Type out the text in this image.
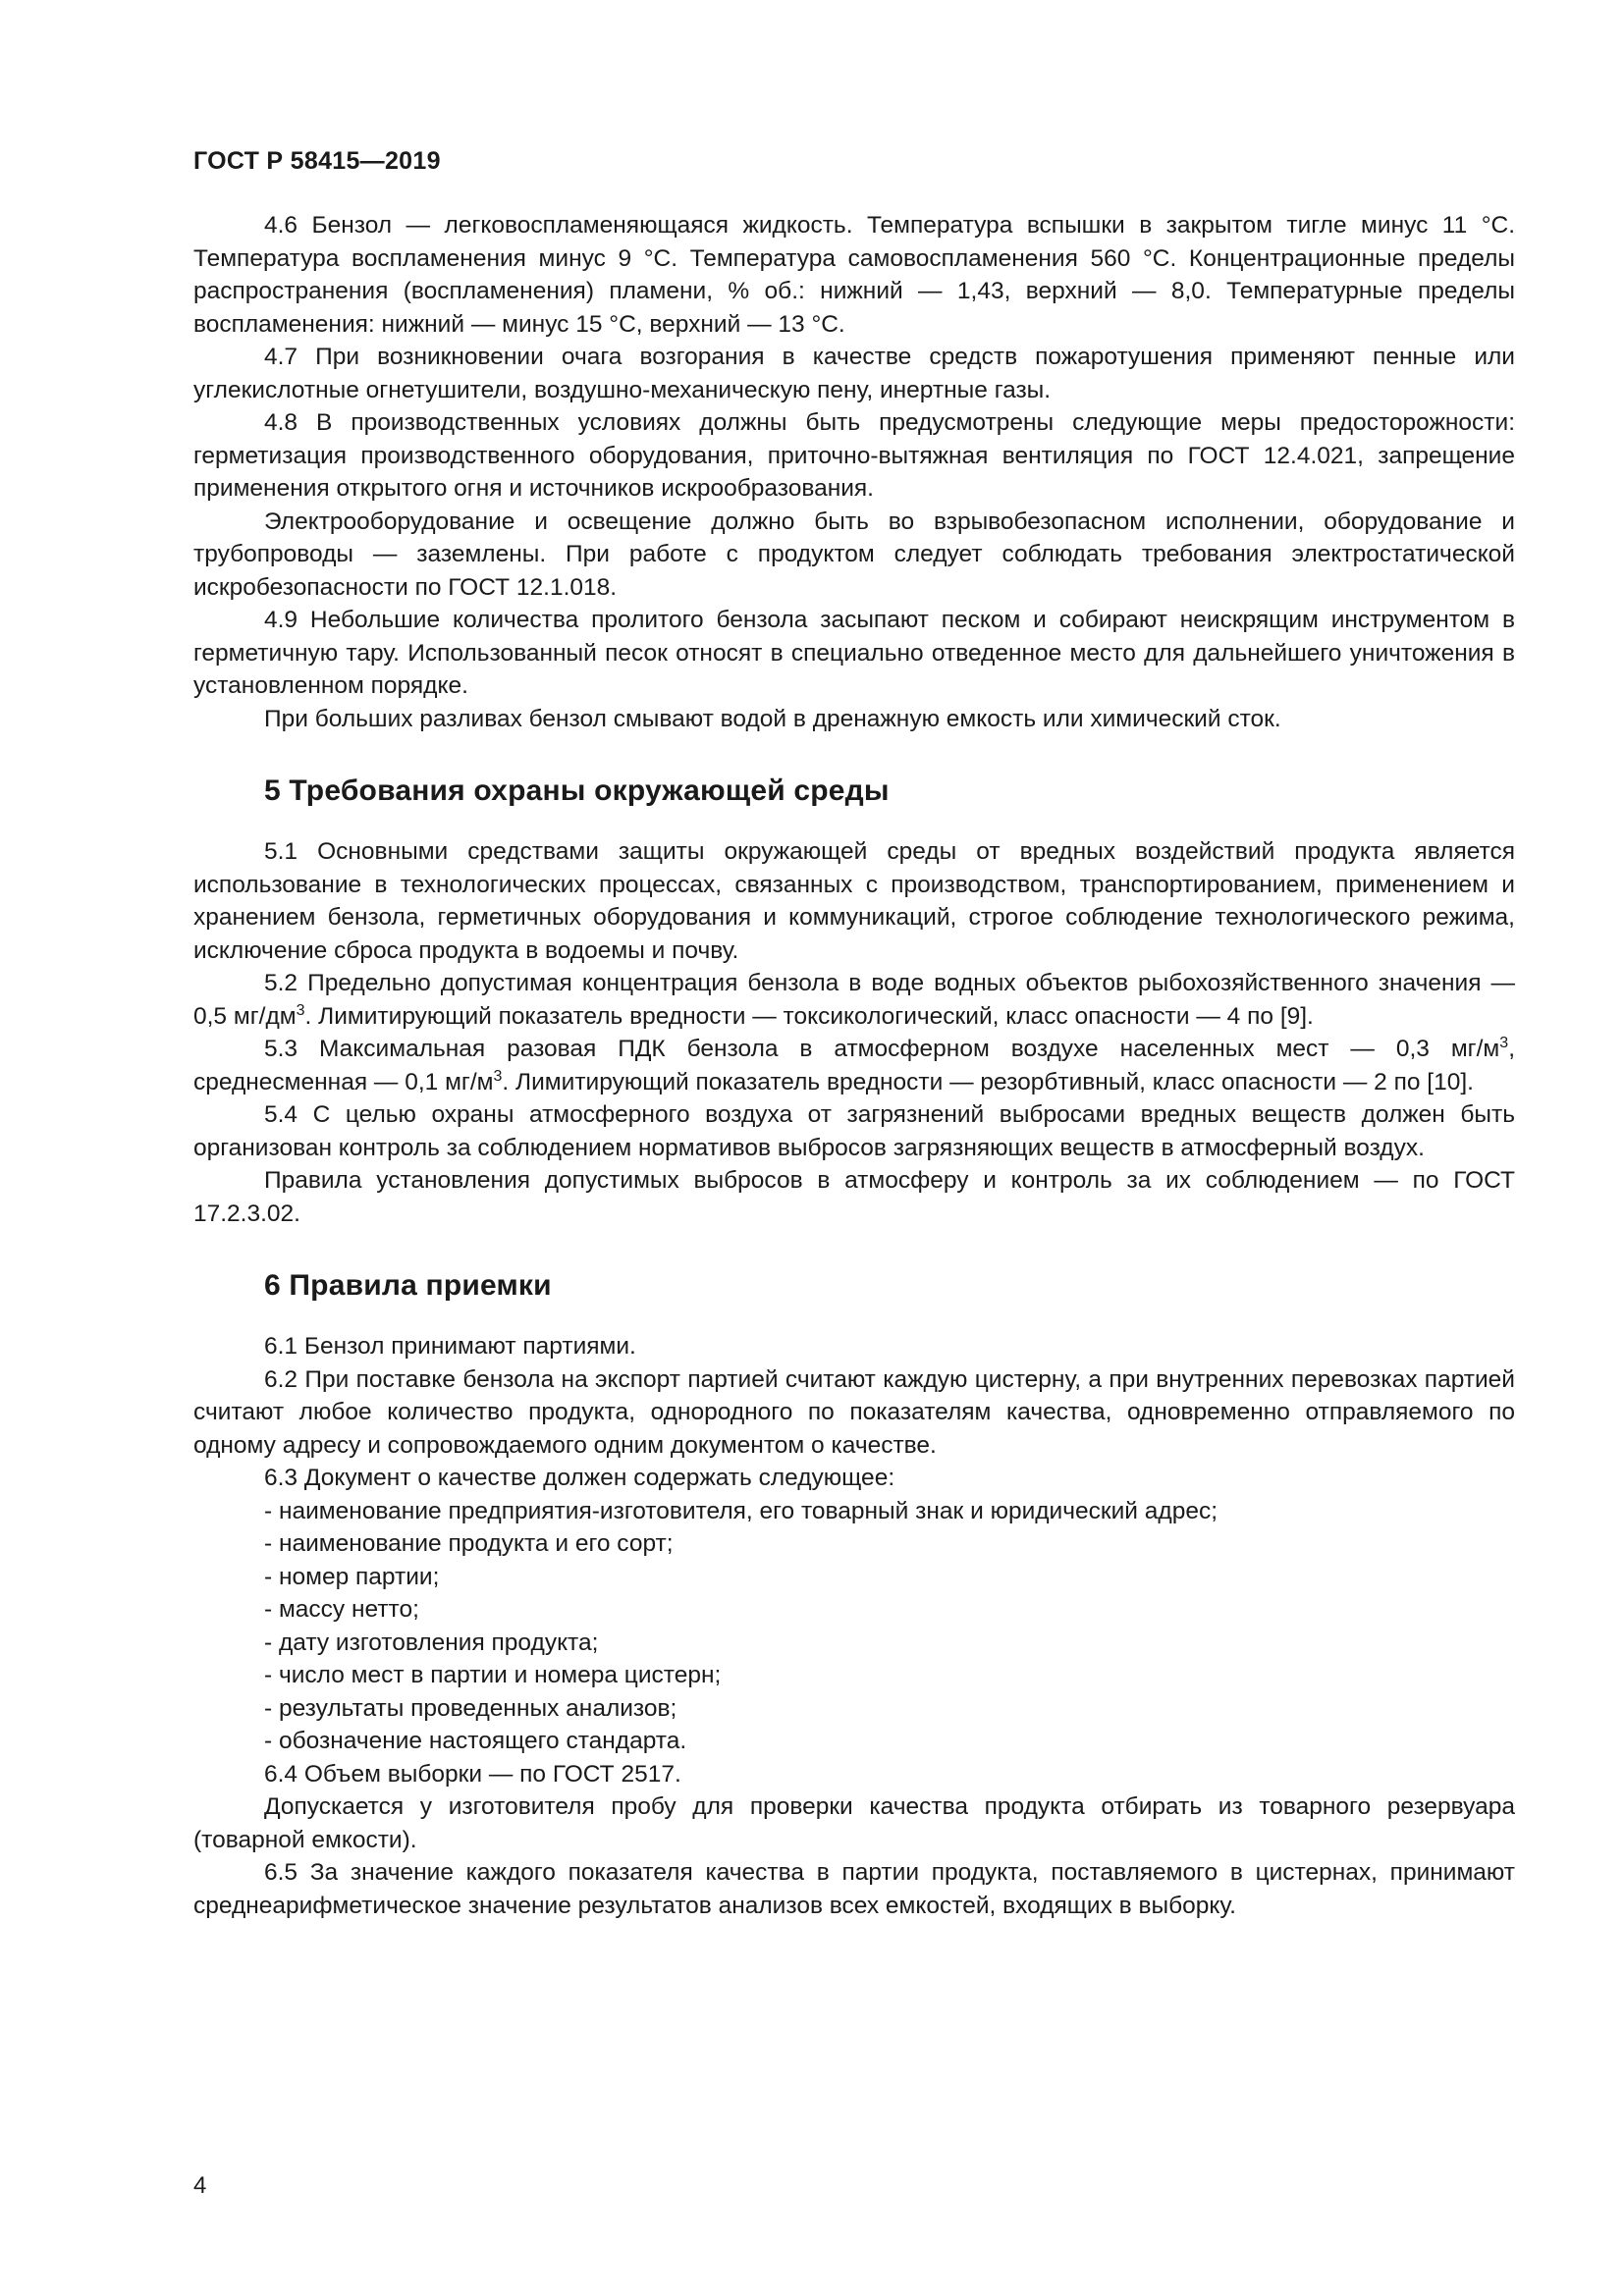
ГОСТ Р 58415—2019

4.6 Бензол — легковоспламеняющаяся жидкость. Температура вспышки в закрытом тигле минус 11 °С. Температура воспламенения минус 9 °С. Температура самовоспламенения 560 °С. Концентрационные пределы распространения (воспламенения) пламени, % об.: нижний — 1,43, верхний — 8,0. Температурные пределы воспламенения: нижний — минус 15 °С, верхний — 13 °С.

4.7 При возникновении очага возгорания в качестве средств пожаротушения применяют пенные или углекислотные огнетушители, воздушно-механическую пену, инертные газы.

4.8 В производственных условиях должны быть предусмотрены следующие меры предосторожности: герметизация производственного оборудования, приточно-вытяжная вентиляция по ГОСТ 12.4.021, запрещение применения открытого огня и источников искрообразования.

Электрооборудование и освещение должно быть во взрывобезопасном исполнении, оборудование и трубопроводы — заземлены. При работе с продуктом следует соблюдать требования электростатической искробезопасности по ГОСТ 12.1.018.

4.9 Небольшие количества пролитого бензола засыпают песком и собирают неискрящим инструментом в герметичную тару. Использованный песок относят в специально отведенное место для дальнейшего уничтожения в установленном порядке.

При больших разливах бензол смывают водой в дренажную емкость или химический сток.

5 Требования охраны окружающей среды

5.1 Основными средствами защиты окружающей среды от вредных воздействий продукта является использование в технологических процессах, связанных с производством, транспортированием, применением и хранением бензола, герметичных оборудования и коммуникаций, строгое соблюдение технологического режима, исключение сброса продукта в водоемы и почву.

5.2 Предельно допустимая концентрация бензола в воде водных объектов рыбохозяйственного значения — 0,5 $мг/дм^3$. Лимитирующий показатель вредности — токсикологический, класс опасности — 4 по [9].

5.3 Максимальная разовая ПДК бензола в атмосферном воздухе населенных мест — 0,3 $мг/м^3$, среднесменная — 0,1 $мг/м^3$. Лимитирующий показатель вредности — резорбтивный, класс опасности — 2 по [10].

5.4 С целью охраны атмосферного воздуха от загрязнений выбросами вредных веществ должен быть организован контроль за соблюдением нормативов выбросов загрязняющих веществ в атмосферный воздух.

Правила установления допустимых выбросов в атмосферу и контроль за их соблюдением — по ГОСТ 17.2.3.02.

6 Правила приемки

6.1 Бензол принимают партиями.

6.2 При поставке бензола на экспорт партией считают каждую цистерну, а при внутренних перевозках партией считают любое количество продукта, однородного по показателям качества, одновременно отправляемого по одному адресу и сопровождаемого одним документом о качестве.

6.3 Документ о качестве должен содержать следующее:

- наименование предприятия-изготовителя, его товарный знак и юридический адрес;

- наименование продукта и его сорт;

- номер партии;

- массу нетто;

- дату изготовления продукта;

- число мест в партии и номера цистерн;

- результаты проведенных анализов;

- обозначение настоящего стандарта.

6.4 Объем выборки — по ГОСТ 2517.

Допускается у изготовителя пробу для проверки качества продукта отбирать из товарного резервуара (товарной емкости).

6.5 За значение каждого показателя качества в партии продукта, поставляемого в цистернах, принимают среднеарифметическое значение результатов анализов всех емкостей, входящих в выборку.

4
